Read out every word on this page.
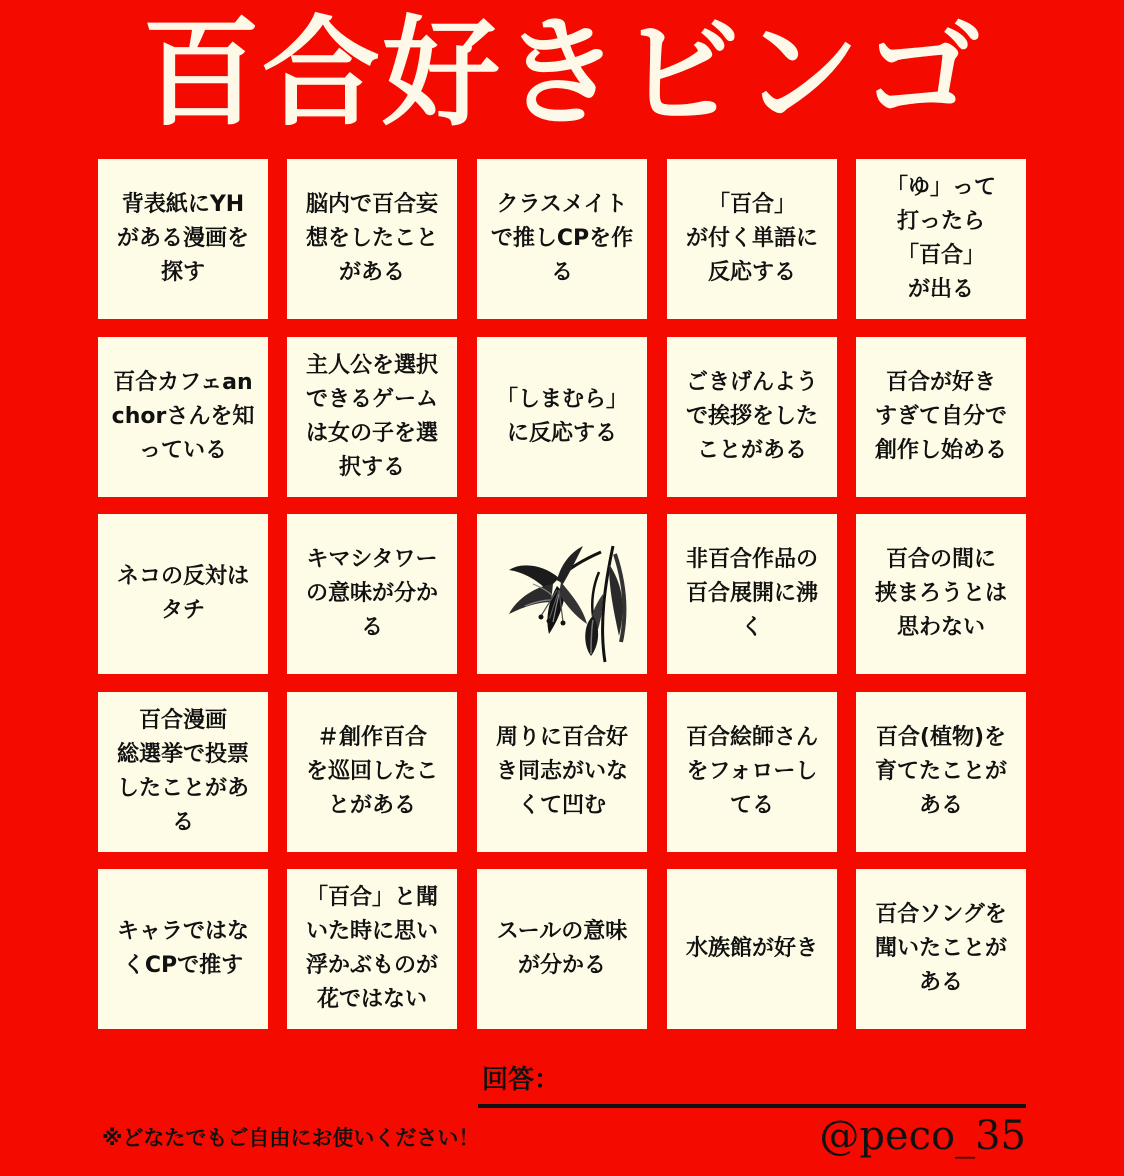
百合好きビンゴ
背表紙にYH
がある漫画を
探す
脳内で百合妄
想をしたこと
がある
クラスメイト
で推しCPを作
る
「百合」
が付く単語に
反応する
「ゆ」って
打ったら
「百合」
が出る
百合カフェan
chorさんを知
っている
主人公を選択
できるゲーム
は女の子を選
択する
「しまむら」
に反応する
ごきげんよう
で挨拶をした
ことがある
百合が好き
すぎて自分で
創作し始める
ネコの反対は
タチ
キマシタワー
の意味が分か
る
非百合作品の
百合展開に沸
く
百合の間に
挟まろうとは
思わない
百合漫画
総選挙で投票
したことがあ
る
＃創作百合
を巡回したこ
とがある
周りに百合好
き同志がいな
くて凹む
百合絵師さん
をフォローし
てる
百合(植物)を
育てたことが
ある
キャラではな
くCPで推す
「百合」と聞
いた時に思い
浮かぶものが
花ではない
スールの意味
が分かる
水族館が好き
百合ソングを
聞いたことが
ある
回答：
※どなたでもご自由にお使いください！	@peco_35
